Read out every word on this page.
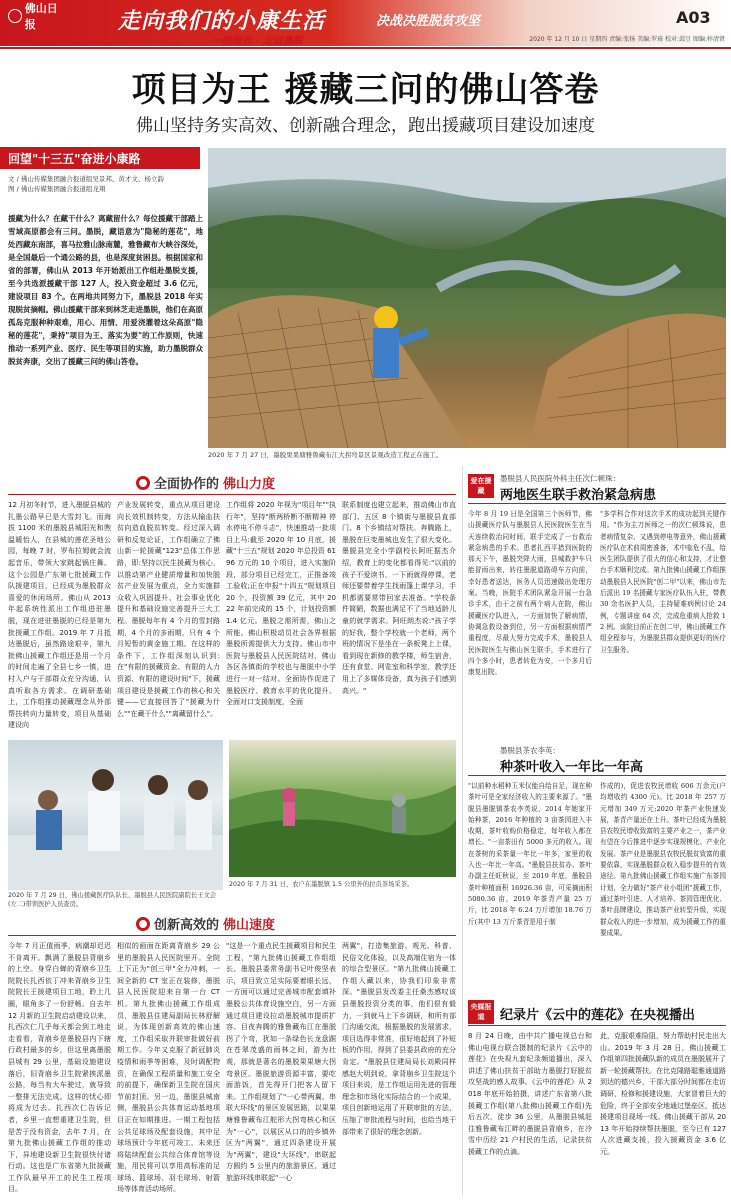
佛山日报	走向我们的小康生活	决战决胜脱贫攻坚
一线报告 · 走进墨脱
A03
2020 年 12 月 10 日 星期四 责编:张扬 美编:罗琦 校对:邱豆 图编:梓清贤
项目为王 援藏三问的佛山答卷
佛山坚持务实高效、创新融合理念，跑出援藏项目建设加速度
回望"十三五"奋进小康路
文 / 佛山传媒集团融合报道组吴景邦、黄才文、杨立韵
图 / 佛山传媒集团融合报道组龙翔
援藏为什么？在藏干什么？离藏留什么？每位援藏干部踏上雪域高原都会有三问。墨脱，藏语意为"隐秘的莲花"，地处西藏东南部，喜马拉雅山脉南麓，雅鲁藏布大峡谷深处，是全国最后一个通公路的县，也是深度贫困县。根据国家和省的部署，佛山从 2013 年开始派出工作组赴墨脱支援，至今共选派援藏干部 127 人，投入资金超过 3.6 亿元，建设项目 83 个。在两地共同努力下，墨脱县 2018 年实现脱贫摘帽。佛山援藏干部来到林芝走进墨脱，他们在高原孤岛克服种种艰难，用心、用情、用爱浇灌着这朵高原"隐秘的莲花"，秉持"项目为王、落实为要"的工作原则，快速推动一系列产业、医疗、民生等项目的实施，助力墨脱群众脱贫奔康，交出了援藏三问的佛山答卷。
2020 年 7 月 27 日，墨脱果果塘雅鲁藏布江大拐弯景区景观改造工程正在施工。
全面协作的 佛山力度
12 月初冬时节，进入墨脱县城的扎墨公路早已是大雪封飞。而海拔 1100 米的墨脱县城阳光和煦温暖怡人，在县城的莲花圣地公园，每晚 7 时，罗布拉姆就会流起音乐，带领大家跳起锅庄舞。这个公园是广东第七批援藏工作队援建项目，已经成为墨脱群众喜爱的休闲场所。佛山从 2013 年起系统性派出工作组进驻墨脱，现在进驻墨脱的已经是第九批援藏工作组。2019 年 7 月抵达墨脱后，虽然路途艰辛，第九批佛山援藏工作组还是用一个月的时间走遍了全县七乡一镇，进村入户与干部群众充分沟通，认真听取各方需求。在调研基础上，工作组推动援藏理念从外部帮扶转向力量转变，项目从基础建设向
产业发展转变，重点从项目建设向长效机制转变，方法从输血扶贫向造血脱贫转变。经过深入调研和反复论证，工作组确立了佛山新一轮援藏"123"总体工作思路，即:坚持以民生援藏为核心，以推动第产业健质增量和加快脱贫产业发展为重点，全力实施群众收入巩固提升、社会事业优化提升和基础设施完善提升三大工程。墨脱每年有 4 个月的雪封路期，4 个月的多雨期，只有 4 个月短暂的黄金施工期。在这样的条件下，工作组深刻认识到:在"有限的援藏资金、有限的人力资源、有限的建设时间"下，援藏项目建设是援藏工作的核心和关键——它直接回答了"援藏为什么""在藏干什么""离藏留什么"。
工作组将 2020 年视为"项目年""执行年"，坚持"断两桥断不断精神 停水停电不停斗志"，快速推动一批项目上马:截至 2020 年 10 月底，援藏"十三五"规划 2020 年总投资 6196 万元的 10 个项目，进入实施阶段，部分项目已经完工，正推备竣工验收;正在申报"十四五"规划项目 20 个，投资额 39 亿元，其中 2022 年前完成的 15 个，计划投资额 1.4 亿元。墨脱之需所需，佛山之所能。佛山积极动员社会各界根据墨脱所需提供大力支持。佛山市中医院与墨脱县人民医院结对，佛山各区各镇街的学校也与墨脱中小学进行一对一结对。全面协作促进了墨脱医疗、教育水平的优化提升。全面对口支援制度，全面
联系制度也建立起来，推动佛山市直部门、五区 8 个镇街与墨脱县直部门、8 个乡镇结对帮扶。奔腾路上，墨脱在巨变墨城也发生了很大变化。墨脱县完全小学副校长阿旺据杰介绍，教育上的变化都看得见:"以前的孩子不爱读书，一下雨就得停课，老师还要带着学生找雨篷上课学习，手机都需要常带回家去准备。"学校条件简陋，数据也满足不了当地适龄儿童的就学需求。阿旺朗杰说:"孩子学的好我，整个学校就一个老师，两个班的情况下是坐在一条板凳上上课，看到现在新修的教学楼，师生宿舍，还有食堂、网览室和科学室，教学还用上了多媒体设备，真为孩子们感到高兴。"
2020 年 7 月 29 日，佛山援藏医疗队队长、墨脱县人民医院副院长王文会(左二)带领医护人员查房。
2020 年 7 月 31 日，农户在墨脱镇 1.5 公里外的拉贡茶场采茶。
创新高效的 佛山速度
今年 7 月正值雨季，病潮却迟迟不肯离开。飘满了墨脱县背崩乡的上空。身穿白蝉的背崩乡卫生院院长扎西依丁冲来背崩乡卫生院院长王援建项目工地，聆上几圈，眼角多了一份舒畅。自去年 12 月新的卫生院启动建设以来，扎西次仁几乎每天都会到工地走走看看，背崩乡是墨脱县内下辖行政村最多的乡，但这里离墨脱县城有 29 公里，基础设施建设落后，旧背崩乡卫生院紧挨派墨公路，每当有大车驶过，就导致一整排无法完成。这样的忧心即将成为过去。扎西次仁告诉记者，乡里一直想重建卫生院，但是苦于没有资金，去年 7 月，在第九批佛山援藏工作组的推动下，异地建设新卫生院很快付诸行动。这也是广东省第九批援藏工作队最早开工的民生工程项目。
相似的画面在距离背崩乡 29 公里的墨脱县人民医院里开。全院上下正为"创三甲"全力冲刺，一间全新的 CT 室正在装修，墨脱县人民医院迎来自第一台 CT 机。第九批佛山援藏工作组成员，墨脱县住建局副局长林舒解说，为体现创新高效的佛山速度，工作组采取并联审批做好前期工作。今年又克服了新冠肺炎疫情和雨季等困难，及时调配物资，在确保工程质量和施工安全的前提下，确保新卫生院在国庆节前封顶。另一边，墨脱县城南侧，墨脱县公共体育运动基地项目正在如期推进。一期工程包括公共足球场及配套设施，其中足球场预计今年底可竣工，未来还将陆续配套公共综合体育馆等设施，用民将可以享用高标准的足球场、篮球场、羽毛球场、射箭场等体育活动场所。
"这是一个重点民生援藏项目和民生工程，"第九批佛山援藏工作组组长、墨脱县委常务副书记叶俊坚表示，项目致立足实际要着眼长远，一方面可以通过完善城市配套填补墨脱公共体育设施空白，另一方面通过项目建设拉动墨脱城市提质扩容。目夜奔腾的雅鲁藏布江在墨脱拐了个弯，犹如一条绿色长龙盘踞在苍翠茂盛的雨林之间，游为壮观，那就是著名的墨脱果果塘大拐弯景区。墨脱旅游资源丰富，要吃面游饭，首先得开门把客人留下来。工作组规划了"一心带两翼、串联大环线"的景区发展思路，以果果塘雅鲁藏布江舵形大拐弯核心和区为"一心"，以展区从口的的乡镇外区为"两翼"，通过四条建设开展为"两翼"，建设"大环线"，串联起方圆约 5 公里内的旅游景区，通过旅游环线串联起"一心
两翼"，打造集旅游、观光、科普、民俗文化体验，以及高端住宿为一体的综合型景区。"第九批佛山援藏工作组入藏以来，协我们印象非常深。"墨脱县发改委主任桑杰感叹该县墨脱投资分类的事，他们很有毅力，一到就马上下乡调研，和所有部门沟通交流，根据墨脱的发展需求，项目选得非常准，很好地起到了补短板的作用，得到了县委县政府的充分肯定。"墨脱县住建局局长刘殿同样感赵大明到说，拿背崩乡卫生院这个项目来说，是工作组运用先进的管理理念和市场化实际结合的一个成果，项目创新地运用了开联审批的方法，压缩了审批流程与时间，也给当地干部带来了很好的理念创新。
爱在援藏
墨脱县人民医院外科主任次仁顿珠：
两地医生联手救治紧急病患
今年 8 月 19 日是全国第三个医师节，佛山援藏医疗队与墨脱县人民医院医生在当天连续救治同时间，联手完成了一台救治紧急病患的手术。患者扎西平措到医院的那天下午，墨脱突降大雨，县城救护车只能冒雨出来，转往墨脱道路碍车方向前，幸好患者送达，医务人员迅速做出处理方案。当晚，医院手术团队紧急开展一台急诊手术，由于之前有两个病人在院，佛山援藏医疗队进入，一方面加快了解病情，协调急救设备到位，另一方面根据病情严重程度，尽最大努力完成手术，墨脱县人民医院医生与佛山医生联手，手术进行了四个多小时，患者转危为安，一个多月后康复出院。
"多学科合作对这次手术的成功起到关键作用。"作为主刀医师之一的次仁顿珠说，患者病情复杂、又遇到停电等意外，佛山援藏医疗队在术前周密准备，术中临危不乱，给医生团队提供了很大的信心和支持，才让整台手术顺利完成。第九批佛山援藏工作组推动墨脱县人民医院"创二甲"以来，佛山市先后派出 19 名援藏专家医疗队伍入驻，带教 30 余名医护人员，主持疑难病例讨论 24 例，专题讲座 64 次，完成危重病人抢救 12 例。该院目前正在创二甲，佛山援藏工作组全程参与，为墨脱县群众提供更好的医疗卫生服务。
墨脱县茶农李英：
种茶叶收入一年比一年高
"以前种水稻种玉米仅能自给自足，现在种茶叶可是全家经济收入的主要来源了。"墨脱县墨脱镇茶农李英说，2014 年她家开始种茶，2016 年种植的 3 亩茶园进入丰收期，茶叶收购价格稳定，每年收入都在增长。"一亩茶田有 5000 多元的收入。现在茶树的采茶量一年比一年多，家里的收入也一年比一年高。"墨脱县扶贫办、茶叶办副主任旺秋说，至 2019 年底，墨脱县茶叶种植面积 16926.36 亩，可采摘面积 5080.36 亩，2019 年茶青产量 25 万斤，比 2018 年 6.24 万斤增加 18.76 万斤(其中 13 万斤茶青是用于制
作成的)，促进农牧民增收 606 万余元(户均增收约 4300 元)。比 2018 年 257 万元增加 349 万元;2020 年茶产业快速发展，茶青产量还在上升。茶叶已经成为墨脱县农牧民增收致富的主要产业之一，茶产业有望在今后推进中逐步实现规模化、产业化发展。茶产业是墨脱县农牧民脱贫致富的重要依靠，实现墨脱群众收入稳步提升的有效途径。第九批佛山援藏工作组实施广东茶园计划，全力做好"茶产业小组团"援藏工作，通过茶叶引进、人才培养、茶园管理优化、茶叶品牌建设，推动茶产业转型升级，实现群众收入的进一步增加，成为援藏工作的重要成果。
央媒报道	纪录片《云中的莲花》在央视播出
8 月 24 日晚，由中共广播电视总台和佛山电视台联合摄制的纪录片《云中的莲花》在央视九套纪录频道播出，深入讲述了佛山扶贫干部助力墨脱打好脱贫攻坚战的感人故事。《云中的莲花》从 2018 年底开始拍摄，讲述广东省第八批援藏工作组(第八批佛山援藏工作组)先后五次，徒步 36 公里，从墨脱县城赶往雅鲁藏布江畔的墨脱县背崩乡，在冷雪中历经 21 户村民的生活，记录扶贫援藏工作的点滴。
此，克服艰难险阻，努力帮助村民走出大山。2019 年 3 月 28 日，佛山援藏工作组第四批援藏队新的成员在墨脱展开了新一轮援藏帮扶。在比克隆路聪雅通道路到达的德兴乡，干部大部分时间都在走访调研，检修和援建设施，大家冒着巨大的危险，终于全部安全地通过堡垒区，抵达援建项目现场一线。佛山援藏干部从 2013 年开始持续帮扶墨脱，至今已有 127 人次进藏支援，投入援藏资金 3.6 亿元。
